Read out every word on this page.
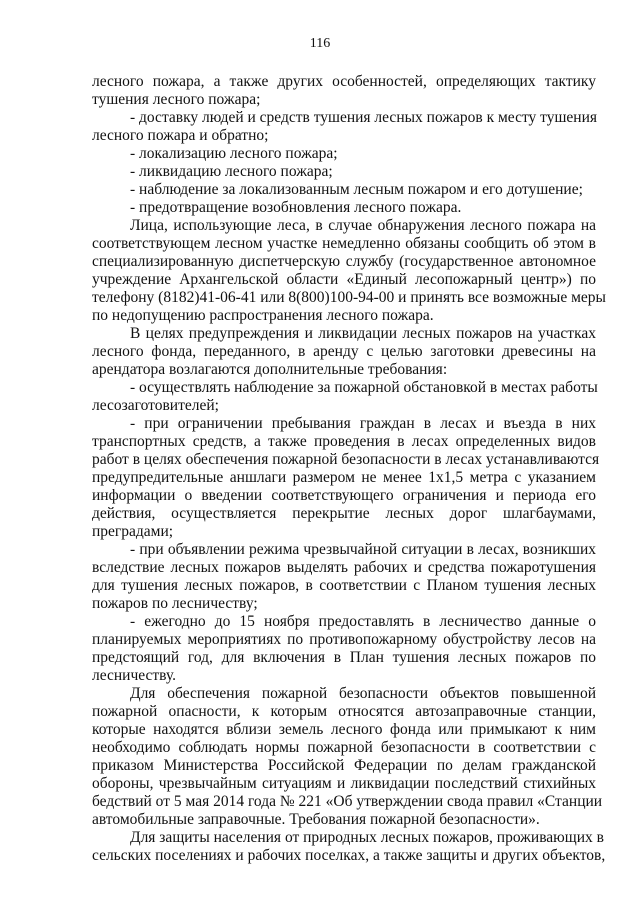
116
лесного пожара, а также других особенностей, определяющих тактику
тушения лесного пожара;
- доставку людей и средств тушения лесных пожаров к месту тушения
лесного пожара и обратно;
- локализацию лесного пожара;
- ликвидацию лесного пожара;
- наблюдение за локализованным лесным пожаром и его дотушение;
- предотвращение возобновления лесного пожара.
Лица, использующие леса, в случае обнаружения лесного пожара на
соответствующем лесном участке немедленно обязаны сообщить об этом в
специализированную диспетчерскую службу (государственное автономное
учреждение Архангельской области «Единый лесопожарный центр») по
телефону (8182)41-06-41 или 8(800)100-94-00 и принять все возможные меры
по недопущению распространения лесного пожара.
В целях предупреждения и ликвидации лесных пожаров на участках
лесного фонда, переданного, в аренду с целью заготовки древесины на
арендатора возлагаются дополнительные требования:
- осуществлять наблюдение за пожарной обстановкой в местах работы
лесозаготовителей;
- при ограничении пребывания граждан в лесах и въезда в них
транспортных средств, а также проведения в лесах определенных видов
работ в целях обеспечения пожарной безопасности в лесах устанавливаются
предупредительные аншлаги размером не менее 1х1,5 метра с указанием
информации о введении соответствующего ограничения и периода его
действия, осуществляется перекрытие лесных дорог шлагбаумами,
преградами;
- при объявлении режима чрезвычайной ситуации в лесах, возникших
вследствие лесных пожаров выделять рабочих и средства пожаротушения
для тушения лесных пожаров, в соответствии с Планом тушения лесных
пожаров по лесничеству;
- ежегодно до 15 ноября предоставлять в лесничество данные о
планируемых мероприятиях по противопожарному обустройству лесов на
предстоящий год, для включения в План тушения лесных пожаров по
лесничеству.
Для обеспечения пожарной безопасности объектов повышенной
пожарной опасности, к которым относятся автозаправочные станции,
которые находятся вблизи земель лесного фонда или примыкают к ним
необходимо соблюдать нормы пожарной безопасности в соответствии с
приказом Министерства Российской Федерации по делам гражданской
обороны, чрезвычайным ситуациям и ликвидации последствий стихийных
бедствий от 5 мая 2014 года № 221 «Об утверждении свода правил «Станции
автомобильные заправочные. Требования пожарной безопасности».
Для защиты населения от природных лесных пожаров, проживающих в
сельских поселениях и рабочих поселках, а также защиты и других объектов,
